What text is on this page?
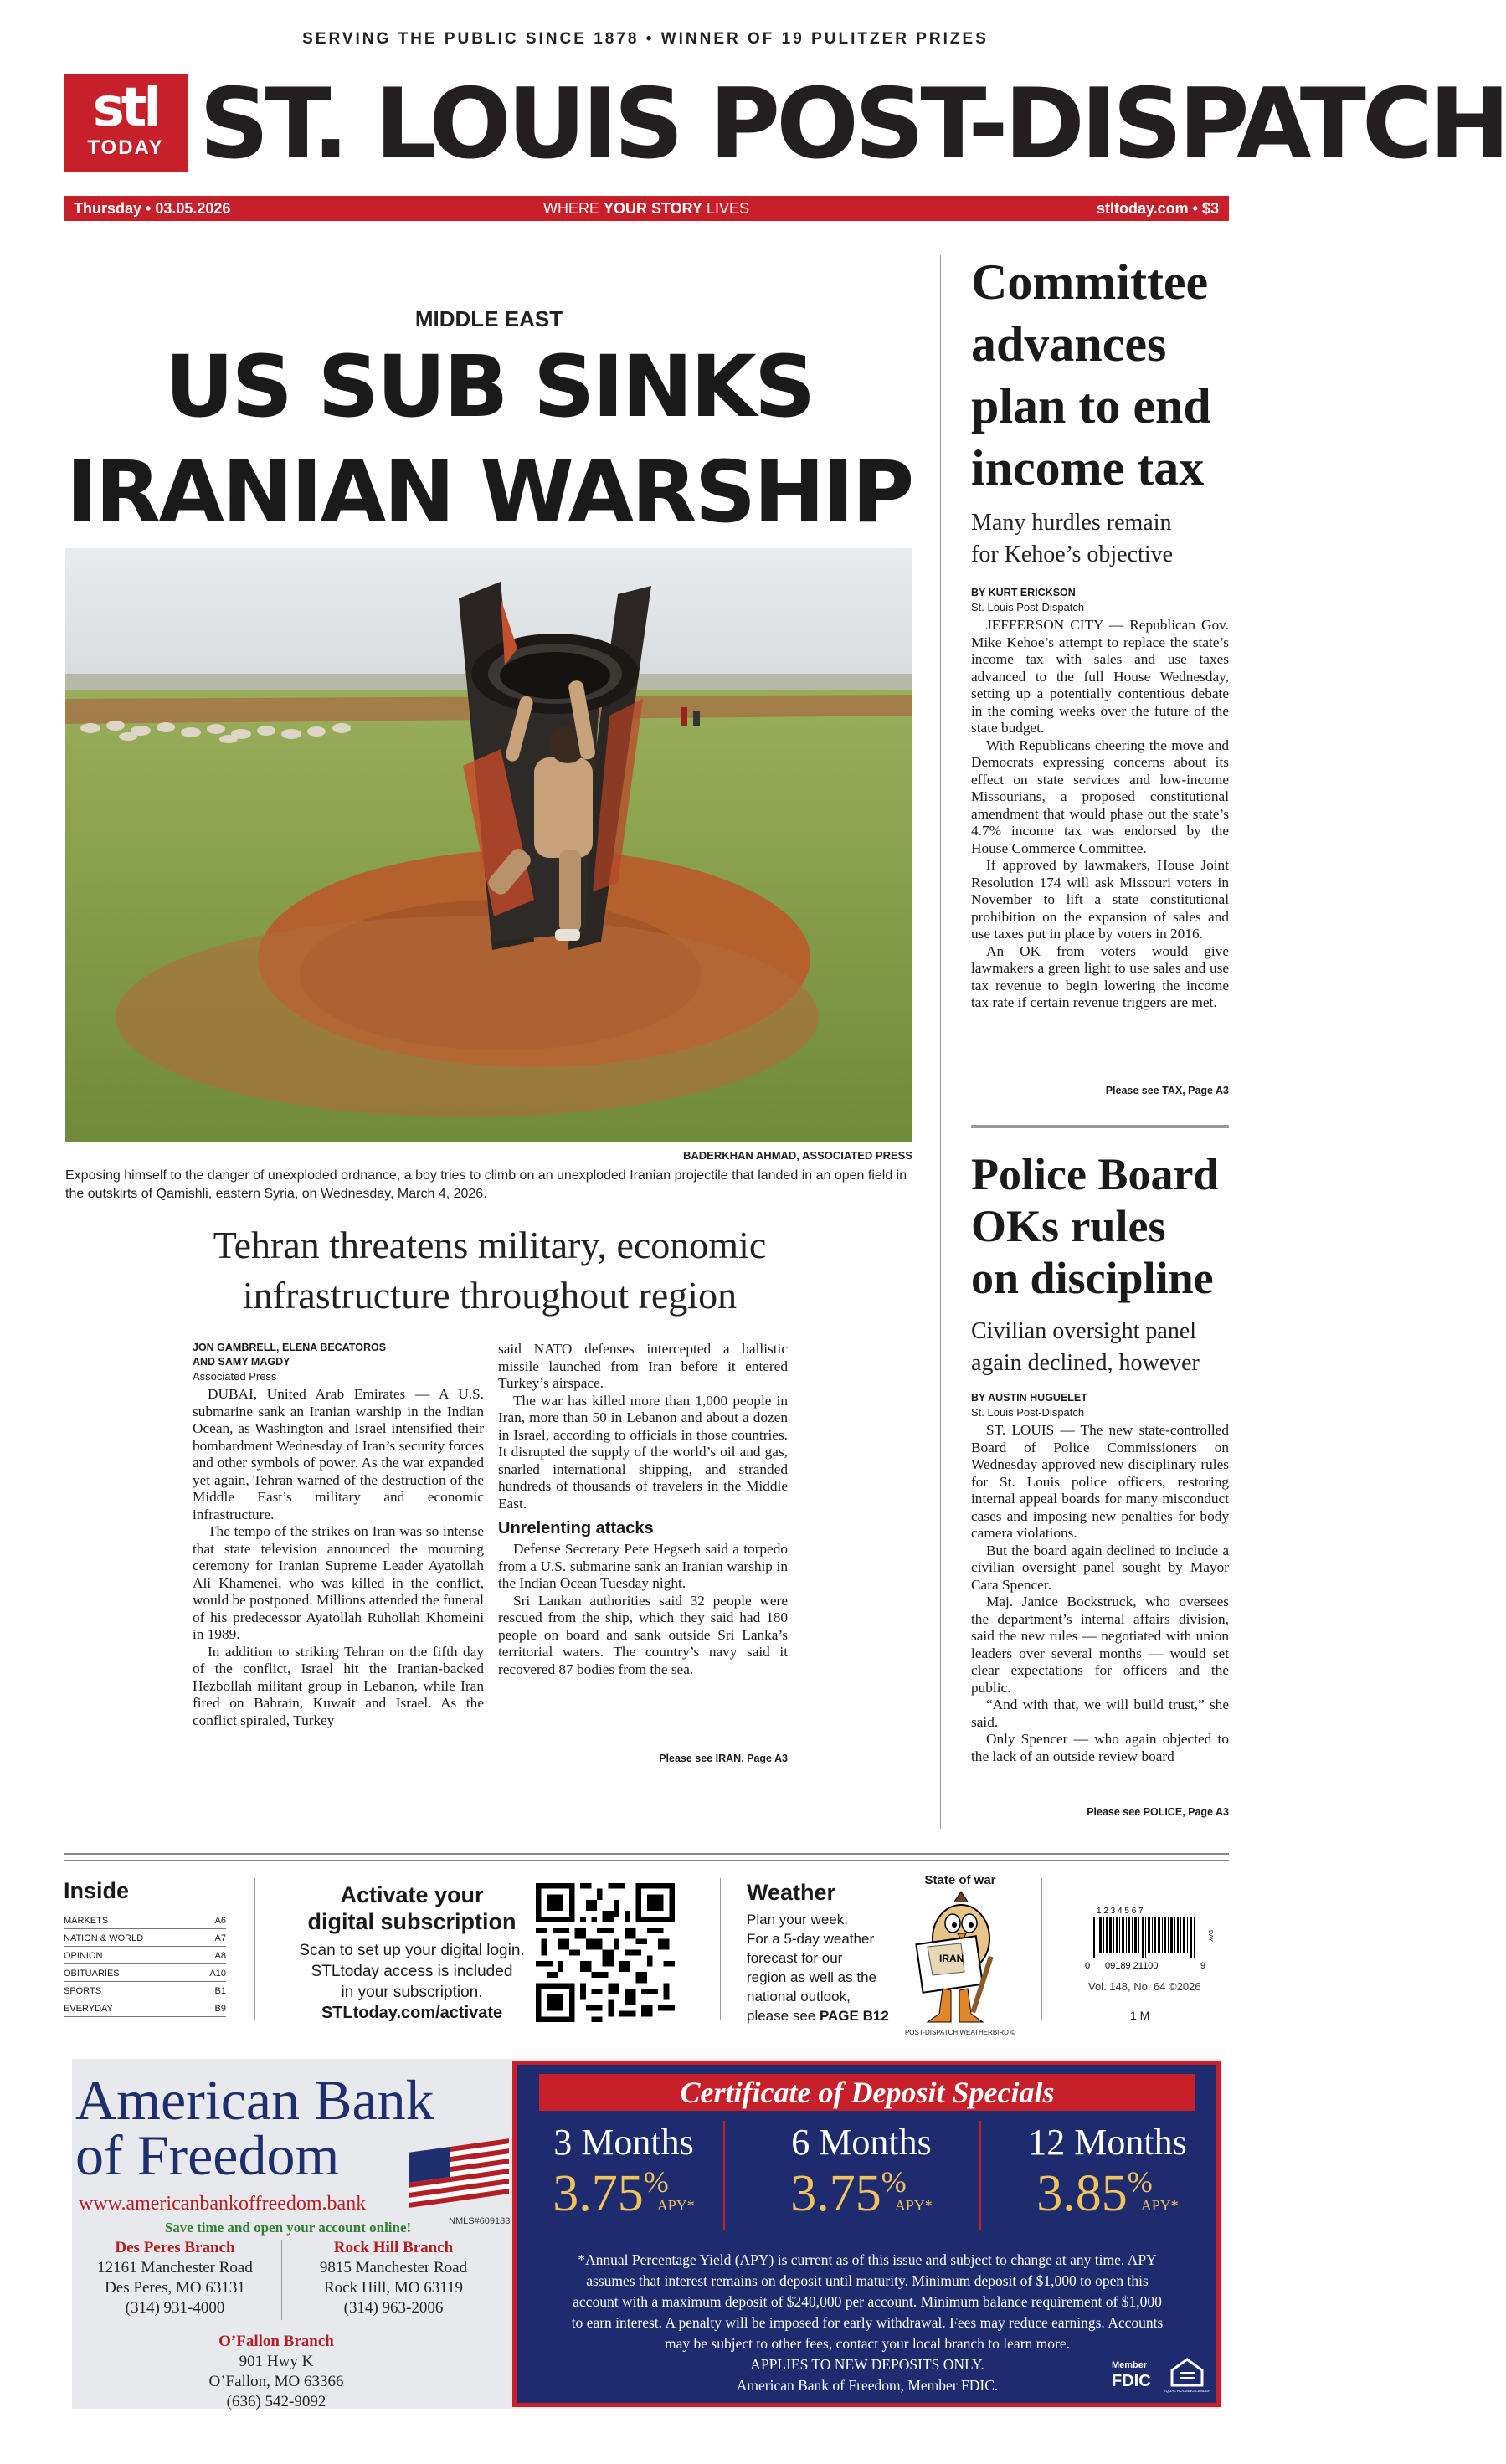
SERVING THE PUBLIC SINCE 1878 • WINNER OF 19 PULITZER PRIZES
stl
TODAY ST. LOUIS POST-DISPATCH
Thursday • 03.05.2026	WHERE YOUR STORY LIVES	stltoday.com • $3
MIDDLE EAST
US SUB SINKS
IRANIAN WARSHIP
BADERKHAN AHMAD, ASSOCIATED PRESS
Exposing himself to the danger of unexploded ordnance, a boy tries to climb on an unexploded Iranian projectile that landed in an open field in the outskirts of Qamishli, eastern Syria, on Wednesday, March 4, 2026.
Tehran threatens military, economic
infrastructure throughout region
JON GAMBRELL, ELENA BECATOROS
AND SAMY MAGDY
Associated Press

DUBAI, United Arab Emirates — A U.S. submarine sank an Iranian warship in the Indian Ocean, as Washington and Israel intensified their bombardment Wednesday of Iran’s security forces and other symbols of power. As the war expanded yet again, Tehran warned of the destruction of the Middle East’s military and economic infrastructure.

The tempo of the strikes on Iran was so intense that state television announced the mourning ceremony for Iranian Supreme Leader Ayatollah Ali Khamenei, who was killed in the conflict, would be postponed. Millions attended the funeral of his predecessor Ayatollah Ruhollah Khomeini in 1989.

In addition to striking Tehran on the fifth day of the conflict, Israel hit the Iranian-backed Hezbollah militant group in Lebanon, while Iran fired on Bahrain, Kuwait and Israel. As the conflict spiraled, Turkey

said NATO defenses intercepted a ballistic missile launched from Iran before it entered Turkey’s airspace.

The war has killed more than 1,000 people in Iran, more than 50 in Lebanon and about a dozen in Israel, according to officials in those countries. It disrupted the supply of the world’s oil and gas, snarled international shipping, and stranded hundreds of thousands of travelers in the Middle East.

Unrelenting attacks

Defense Secretary Pete Hegseth said a torpedo from a U.S. submarine sank an Iranian warship in the Indian Ocean Tuesday night.

Sri Lankan authorities said 32 people were rescued from the ship, which they said had 180 people on board and sank outside Sri Lanka’s territorial waters. The country’s navy said it recovered 87 bodies from the sea.

Please see IRAN, Page A3
Committee
advances
plan to end
income tax
Many hurdles remain
for Kehoe’s objective
BY KURT ERICKSON
St. Louis Post-Dispatch

JEFFERSON CITY — Republican Gov. Mike Kehoe’s attempt to replace the state’s income tax with sales and use taxes advanced to the full House Wednesday, setting up a potentially contentious debate in the coming weeks over the future of the state budget.

With Republicans cheering the move and Democrats expressing concerns about its effect on state services and low-income Missourians, a proposed constitutional amendment that would phase out the state’s 4.7% income tax was endorsed by the House Commerce Committee.

If approved by lawmakers, House Joint Resolution 174 will ask Missouri voters in November to lift a state constitutional prohibition on the expansion of sales and use taxes put in place by voters in 2016.

An OK from voters would give lawmakers a green light to use sales and use tax revenue to begin lowering the income tax rate if certain revenue triggers are met.

Please see TAX, Page A3
Police Board
OKs rules
on discipline
Civilian oversight panel
again declined, however
BY AUSTIN HUGUELET
St. Louis Post-Dispatch

ST. LOUIS — The new state-controlled Board of Police Commissioners on Wednesday approved new disciplinary rules for St. Louis police officers, restoring internal appeal boards for many misconduct cases and imposing new penalties for body camera violations.

But the board again declined to include a civilian oversight panel sought by Mayor Cara Spencer.

Maj. Janice Bockstruck, who oversees the department’s internal affairs division, said the new rules — negotiated with union leaders over several months — would set clear expectations for officers and the public.

“And with that, we will build trust,” she said.

Only Spencer — who again objected to the lack of an outside review board

Please see POLICE, Page A3
Inside
MARKETS	A6
NATION & WORLD	A7
OPINION	A8
OBITUARIES	A10
SPORTS	B1
EVERYDAY	B9
Activate your
digital subscription
Scan to set up your digital login.
STLtoday access is included
in your subscription.
STLtoday.com/activate
Weather
Plan your week:
For a 5-day weather
forecast for our
region as well as the
national outlook,
please see PAGE B12
State of war
IRAN
POST-DISPATCH WEATHERBIRD ©
1 2 3 4 5 6 7
0 09189 21100	9
DAY
Vol. 148, No. 64 ©2026
1 M
American Bank
of Freedom
www.americanbankoffreedom.bank
Save time and open your account online!	NMLS#609183
Des Peres Branch
12161 Manchester Road
Des Peres, MO 63131
(314) 931-4000
Rock Hill Branch
9815 Manchester Road
Rock Hill, MO 63119
(314) 963-2006
O’Fallon Branch
901 Hwy K
O’Fallon, MO 63366
(636) 542-9092
Certificate of Deposit Specials
3 Months
3.75%APY*
6 Months
3.75%APY*
12 Months
3.85%APY*
*Annual Percentage Yield (APY) is current as of this issue and subject to change at any time. APY
assumes that interest remains on deposit until maturity. Minimum deposit of $1,000 to open this
account with a maximum deposit of $240,000 per account. Minimum balance requirement of $1,000
to earn interest. A penalty will be imposed for early withdrawal. Fees may reduce earnings. Accounts
may be subject to other fees, contact your local branch to learn more.
APPLIES TO NEW DEPOSITS ONLY.
American Bank of Freedom, Member FDIC.
Member
FDIC
EQUAL HOUSING LENDER
